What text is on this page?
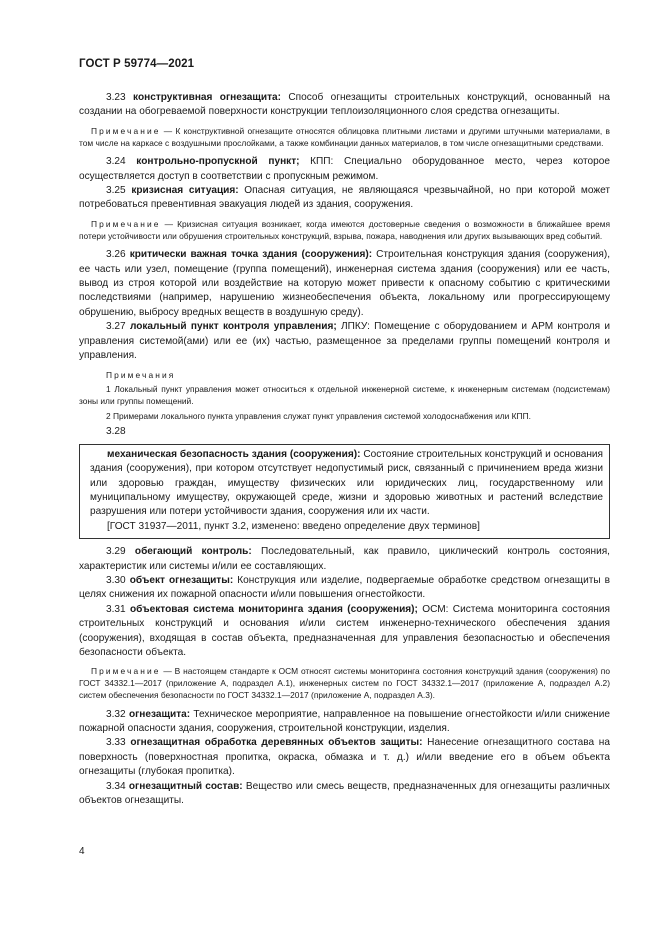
ГОСТ Р 59774—2021

3.23 конструктивная огнезащита: Способ огнезащиты строительных конструкций, основанный на создании на обогреваемой поверхности конструкции теплоизоляционного слоя средства огнезащиты.

Примечание — К конструктивной огнезащите относятся облицовка плитными листами и другими штучными материалами, в том числе на каркасе с воздушными прослойками, а также комбинации данных материалов, в том числе огнезащитными средствами.

3.24 контрольно-пропускной пункт; КПП: Специально оборудованное место, через которое осуществляется доступ в соответствии с пропускным режимом.

3.25 кризисная ситуация: Опасная ситуация, не являющаяся чрезвычайной, но при которой может потребоваться превентивная эвакуация людей из здания, сооружения.

Примечание — Кризисная ситуация возникает, когда имеются достоверные сведения о возможности в ближайшее время потери устойчивости или обрушения строительных конструкций, взрыва, пожара, наводнения или других вызывающих вред событий.

3.26 критически важная точка здания (сооружения): Строительная конструкция здания (сооружения), ее часть или узел, помещение (группа помещений), инженерная система здания (сооружения) или ее часть, вывод из строя которой или воздействие на которую может привести к опасному событию с критическими последствиями (например, нарушению жизнеобеспечения объекта, локальному или прогрессирующему обрушению, выбросу вредных веществ в воздушную среду).

3.27 локальный пункт контроля управления; ЛПКУ: Помещение с оборудованием и АРМ контроля и управления системой(ами) или ее (их) частью, размещенное за пределами группы помещений контроля и управления.

Примечания

1 Локальный пункт управления может относиться к отдельной инженерной системе, к инженерным системам (подсистемам) зоны или группы помещений.

2 Примерами локального пункта управления служат пункт управления системой холодоснабжения или КПП.

3.28

механическая безопасность здания (сооружения): Состояние строительных конструкций и основания здания (сооружения), при котором отсутствует недопустимый риск, связанный с причинением вреда жизни или здоровью граждан, имуществу физических или юридических лиц, государственному или муниципальному имуществу, окружающей среде, жизни и здоровью животных и растений вследствие разрушения или потери устойчивости здания, сооружения или их части.

[ГОСТ 31937—2011, пункт 3.2, изменено: введено определение двух терминов]

3.29 обегающий контроль: Последовательный, как правило, циклический контроль состояния, характеристик или системы и/или ее составляющих.

3.30 объект огнезащиты: Конструкция или изделие, подвергаемые обработке средством огнезащиты в целях снижения их пожарной опасности и/или повышения огнестойкости.

3.31 объектовая система мониторинга здания (сооружения); ОСМ: Система мониторинга состояния строительных конструкций и основания и/или систем инженерно-технического обеспечения здания (сооружения), входящая в состав объекта, предназначенная для управления безопасностью и обеспечения безопасности объекта.

Примечание — В настоящем стандарте к ОСМ относят системы мониторинга состояния конструкций здания (сооружения) по ГОСТ 34332.1—2017 (приложение А, подраздел А.1), инженерных систем по ГОСТ 34332.1—2017 (приложение А, подраздел А.2) систем обеспечения безопасности по ГОСТ 34332.1—2017 (приложение А, подраздел А.3).

3.32 огнезащита: Техническое мероприятие, направленное на повышение огнестойкости и/или снижение пожарной опасности здания, сооружения, строительной конструкции, изделия.

3.33 огнезащитная обработка деревянных объектов защиты: Нанесение огнезащитного состава на поверхность (поверхностная пропитка, окраска, обмазка и т. д.) и/или введение его в объем объекта огнезащиты (глубокая пропитка).

3.34 огнезащитный состав: Вещество или смесь веществ, предназначенных для огнезащиты различных объектов огнезащиты.

4
